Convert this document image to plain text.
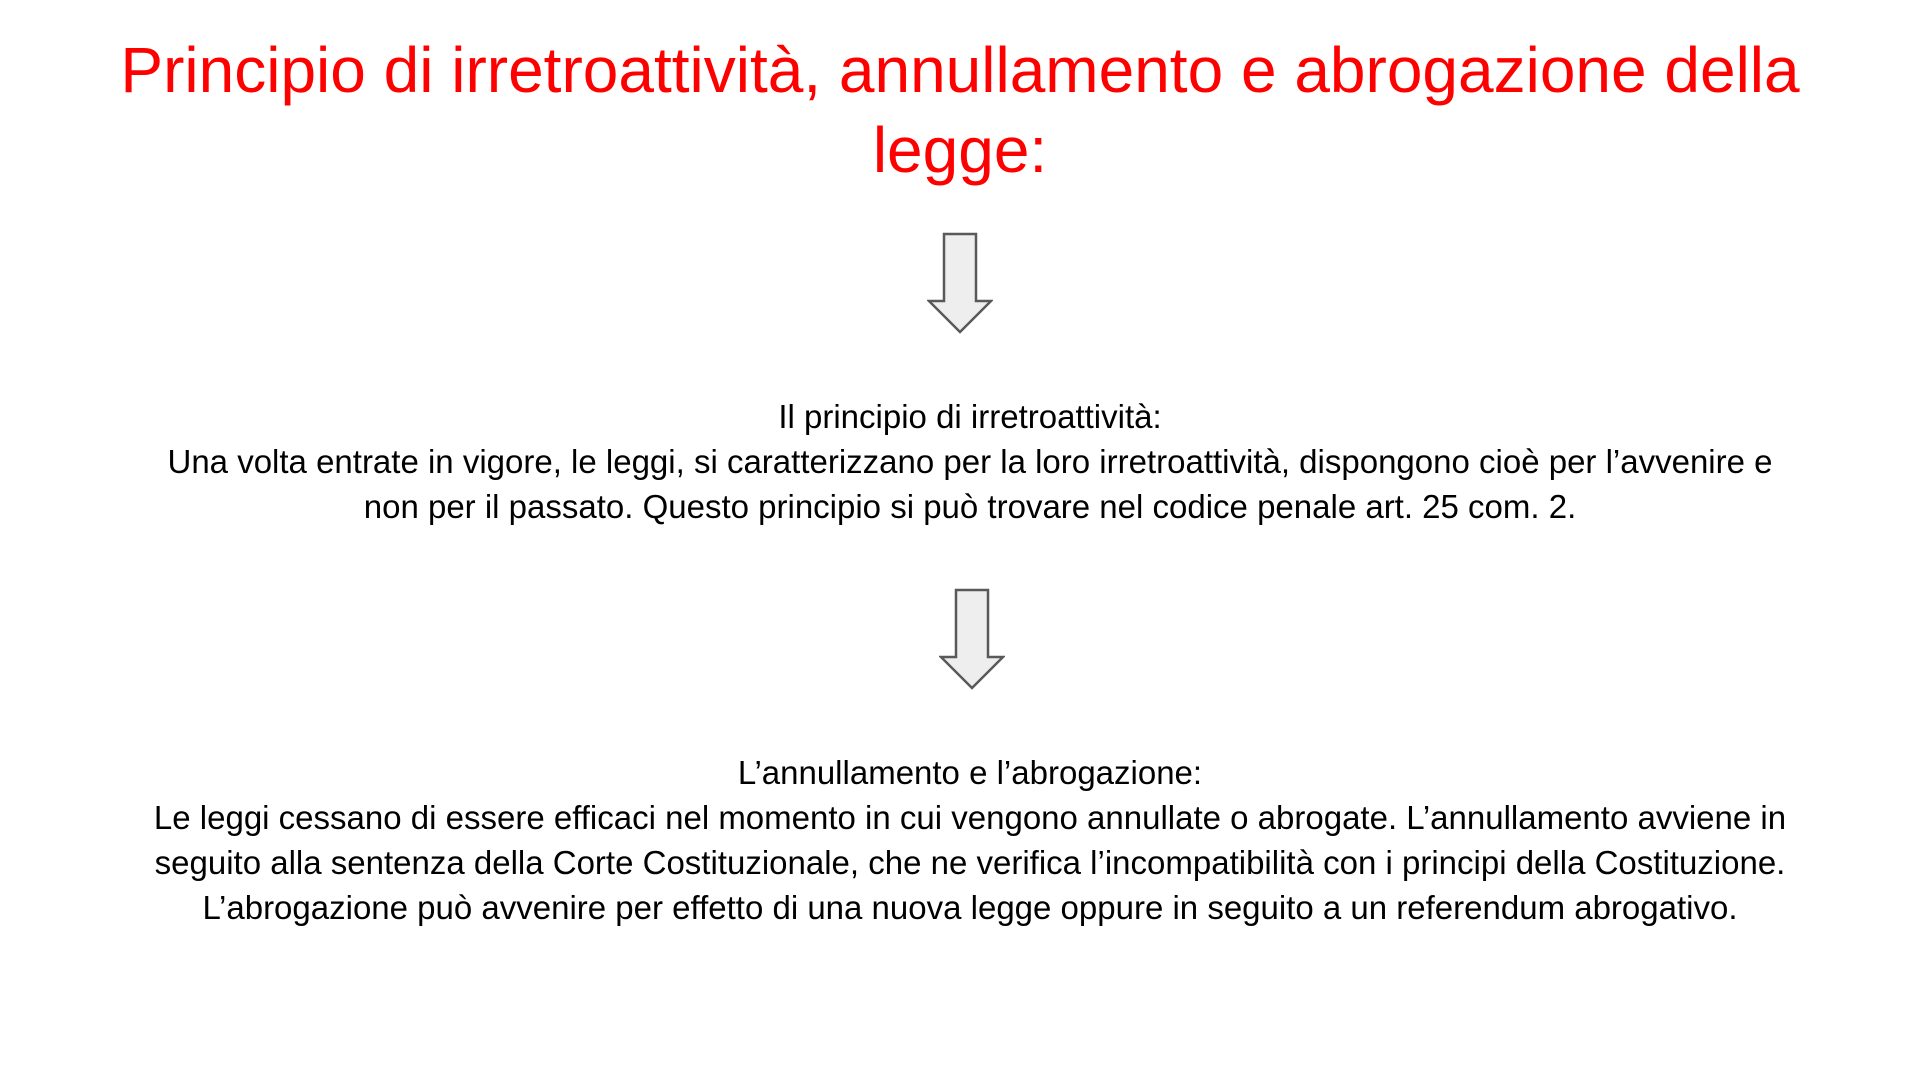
Principio di irretroattività, annullamento e abrogazione della legge:
Il principio di irretroattività:
Una volta entrate in vigore, le leggi, si caratterizzano per la loro irretroattività, dispongono cioè per l’avvenire e non per il passato. Questo principio si può trovare nel codice penale art. 25 com. 2.
L’annullamento e l’abrogazione:
Le leggi cessano di essere efficaci nel momento in cui vengono annullate o abrogate. L’annullamento avviene in seguito alla sentenza della Corte Costituzionale, che ne verifica l’incompatibilità con i principi della Costituzione.
L’abrogazione può avvenire per effetto di una nuova legge oppure in seguito a un referendum abrogativo.
